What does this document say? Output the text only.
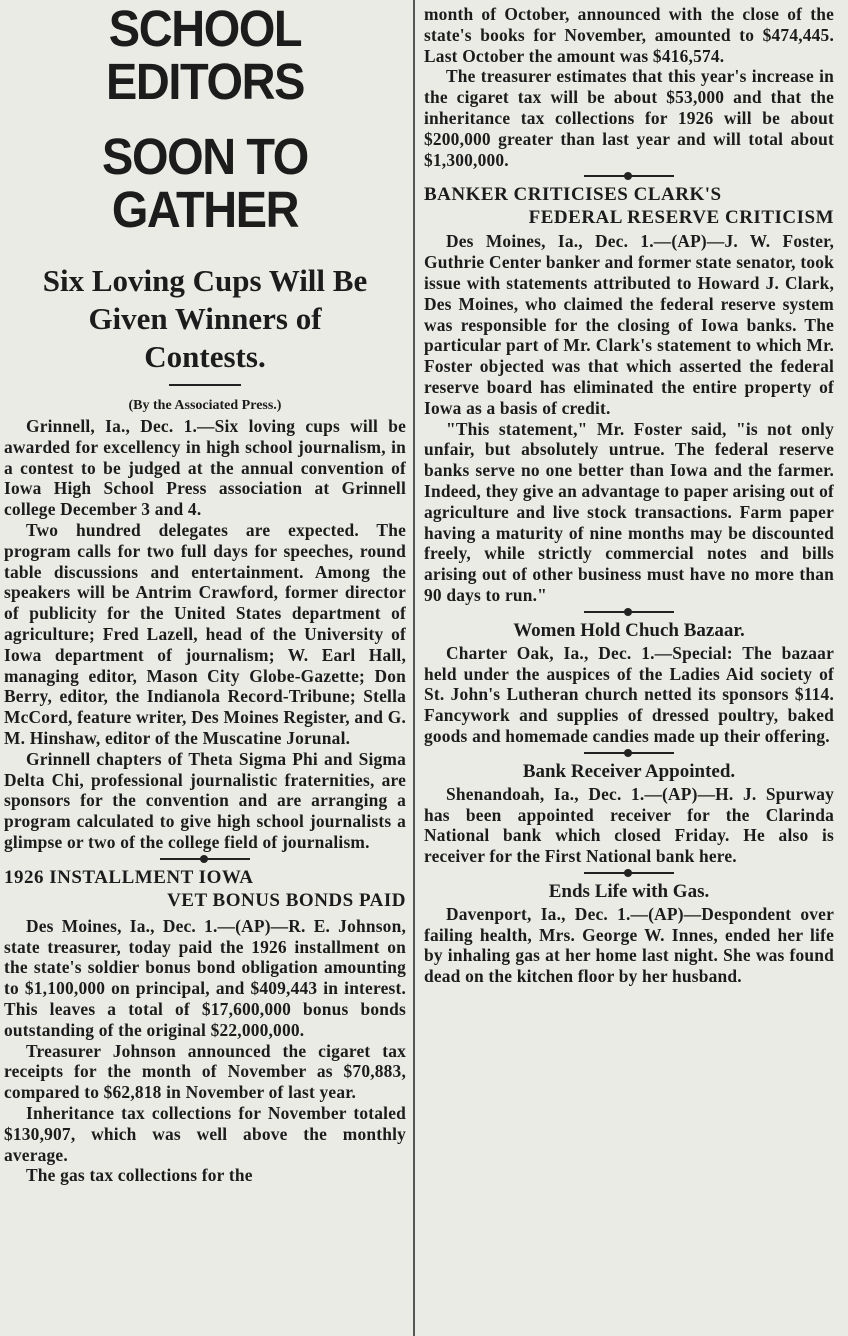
SCHOOL EDITORS

SOON TO GATHER

Six Loving Cups Will Be

Given Winners of

Contests.

(By the Associated Press.)

Grinnell, Ia., Dec. 1.—Six loving cups will be awarded for excellency in high school journalism, in a contest to be judged at the annual convention of Iowa High School Press association at Grinnell college December 3 and 4.

Two hundred delegates are expected. The program calls for two full days for speeches, round table discussions and entertainment. Among the speakers will be Antrim Crawford, former director of publicity for the United States department of agriculture; Fred Lazell, head of the University of Iowa department of journalism; W. Earl Hall, managing editor, Mason City Globe-Gazette; Don Berry, editor, the Indianola Record-Tribune; Stella McCord, feature writer, Des Moines Register, and G. M. Hinshaw, editor of the Muscatine Jorunal.

Grinnell chapters of Theta Sigma Phi and Sigma Delta Chi, professional journalistic fraternities, are sponsors for the convention and are arranging a program calculated to give high school journalists a glimpse or two of the college field of journalism.

1926 INSTALLMENT IOWA

VET BONUS BONDS PAID

Des Moines, Ia., Dec. 1.—(AP)—R. E. Johnson, state treasurer, today paid the 1926 installment on the state's soldier bonus bond obligation amounting to $1,100,000 on principal, and $409,443 in interest. This leaves a total of $17,600,000 bonus bonds outstanding of the original $22,000,000.

Treasurer Johnson announced the cigaret tax receipts for the month of November as $70,883, compared to $62,818 in November of last year.

Inheritance tax collections for November totaled $130,907, which was well above the monthly average.

The gas tax collections for the

month of October, announced with the close of the state's books for November, amounted to $474,445. Last October the amount was $416,574.

The treasurer estimates that this year's increase in the cigaret tax will be about $53,000 and that the inheritance tax collections for 1926 will be about $200,000 greater than last year and will total about $1,300,000.

BANKER CRITICISES CLARK'S

FEDERAL RESERVE CRITICISM

Des Moines, Ia., Dec. 1.—(AP)—J. W. Foster, Guthrie Center banker and former state senator, took issue with statements attributed to Howard J. Clark, Des Moines, who claimed the federal reserve system was responsible for the closing of Iowa banks. The particular part of Mr. Clark's statement to which Mr. Foster objected was that which asserted the federal reserve board has eliminated the entire property of Iowa as a basis of credit.

"This statement," Mr. Foster said, "is not only unfair, but absolutely untrue. The federal reserve banks serve no one better than Iowa and the farmer. Indeed, they give an advantage to paper arising out of agriculture and live stock transactions. Farm paper having a maturity of nine months may be discounted freely, while strictly commercial notes and bills arising out of other business must have no more than 90 days to run."

Women Hold Chuch Bazaar.

Charter Oak, Ia., Dec. 1.—Special: The bazaar held under the auspices of the Ladies Aid society of St. John's Lutheran church netted its sponsors $114. Fancywork and supplies of dressed poultry, baked goods and homemade candies made up their offering.

Bank Receiver Appointed.

Shenandoah, Ia., Dec. 1.—(AP)—H. J. Spurway has been appointed receiver for the Clarinda National bank which closed Friday. He also is receiver for the First National bank here.

Ends Life with Gas.

Davenport, Ia., Dec. 1.—(AP)—Despondent over failing health, Mrs. George W. Innes, ended her life by inhaling gas at her home last night. She was found dead on the kitchen floor by her husband.
